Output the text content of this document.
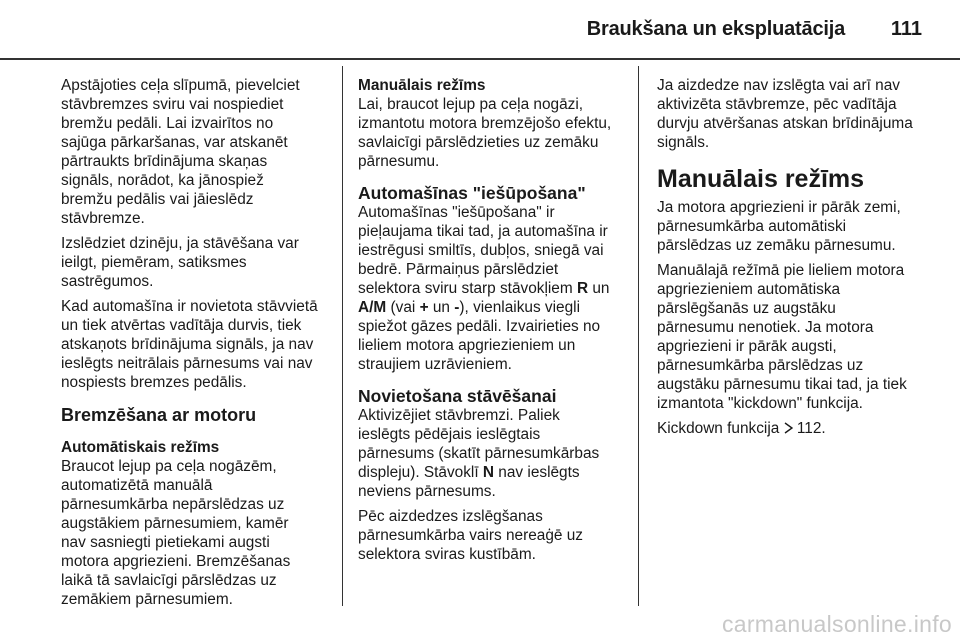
Braukšana un ekspluatācija 111

Apstājoties ceļa slīpumā, pievelciet
stāvbremzes sviru vai nospiediet
bremžu pedāli. Lai izvairītos no
sajūga pārkaršanas, var atskanēt
pārtraukts brīdinājuma skaņas
signāls, norādot, ka jānospiež
bremžu pedālis vai jāieslēdz
stāvbremze.

Izslēdziet dzinēju, ja stāvēšana var
ieilgt, piemēram, satiksmes
sastrēgumos.

Kad automašīna ir novietota stāvvietā
un tiek atvērtas vadītāja durvis, tiek
atskaņots brīdinājuma signāls, ja nav
ieslēgts neitrālais pārnesums vai nav
nospiests bremzes pedālis.

Bremzēšana ar motoru
Automātiskais režīms

Braucot lejup pa ceļa nogāzēm,
automatizētā manuālā
pārnesumkārba nepārslēdzas uz
augstākiem pārnesumiem, kamēr
nav sasniegti pietiekami augsti
motora apgriezieni. Bremzēšanas
laikā tā savlaicīgi pārslēdzas uz
zemākiem pārnesumiem.

Manuālais režīms

Lai, braucot lejup pa ceļa nogāzi,
izmantotu motora bremzējošo efektu,
savlaicīgi pārslēdzieties uz zemāku
pārnesumu.

Automašīnas "iešūpošana"

Automašīnas "iešūpošana" ir
pieļaujama tikai tad, ja automašīna ir
iestrēgusi smiltīs, dubļos, sniegā vai
bedrē. Pārmaiņus pārslēdziet
selektora sviru starp stāvokļiem R un
A/M (vai + un -), vienlaikus viegli
spiežot gāzes pedāli. Izvairieties no
lieliem motora apgriezieniem un
straujiem uzrāvieniem.

Novietošana stāvēšanai

Aktivizējiet stāvbremzi. Paliek
ieslēgts pēdējais ieslēgtais
pārnesums (skatīt pārnesumkārbas
displeju). Stāvoklī N nav ieslēgts
neviens pārnesums.

Pēc aizdedzes izslēgšanas
pārnesumkārba vairs nereaģē uz
selektora sviras kustībām.

Ja aizdedze nav izslēgta vai arī nav
aktivizēta stāvbremze, pēc vadītāja
durvju atvēršanas atskan brīdinājuma
signāls.

Manuālais režīms

Ja motora apgriezieni ir pārāk zemi,
pārnesumkārba automātiski
pārslēdzas uz zemāku pārnesumu.

Manuālajā režīmā pie lieliem motora
apgriezieniem automātiska
pārslēgšanās uz augstāku
pārnesumu nenotiek. Ja motora
apgriezieni ir pārāk augsti,
pārnesumkārba pārslēdzas uz
augstāku pārnesumu tikai tad, ja tiek
izmantota "kickdown" funkcija.

Kickdown funkcija  112.

carmanualsonline.info
